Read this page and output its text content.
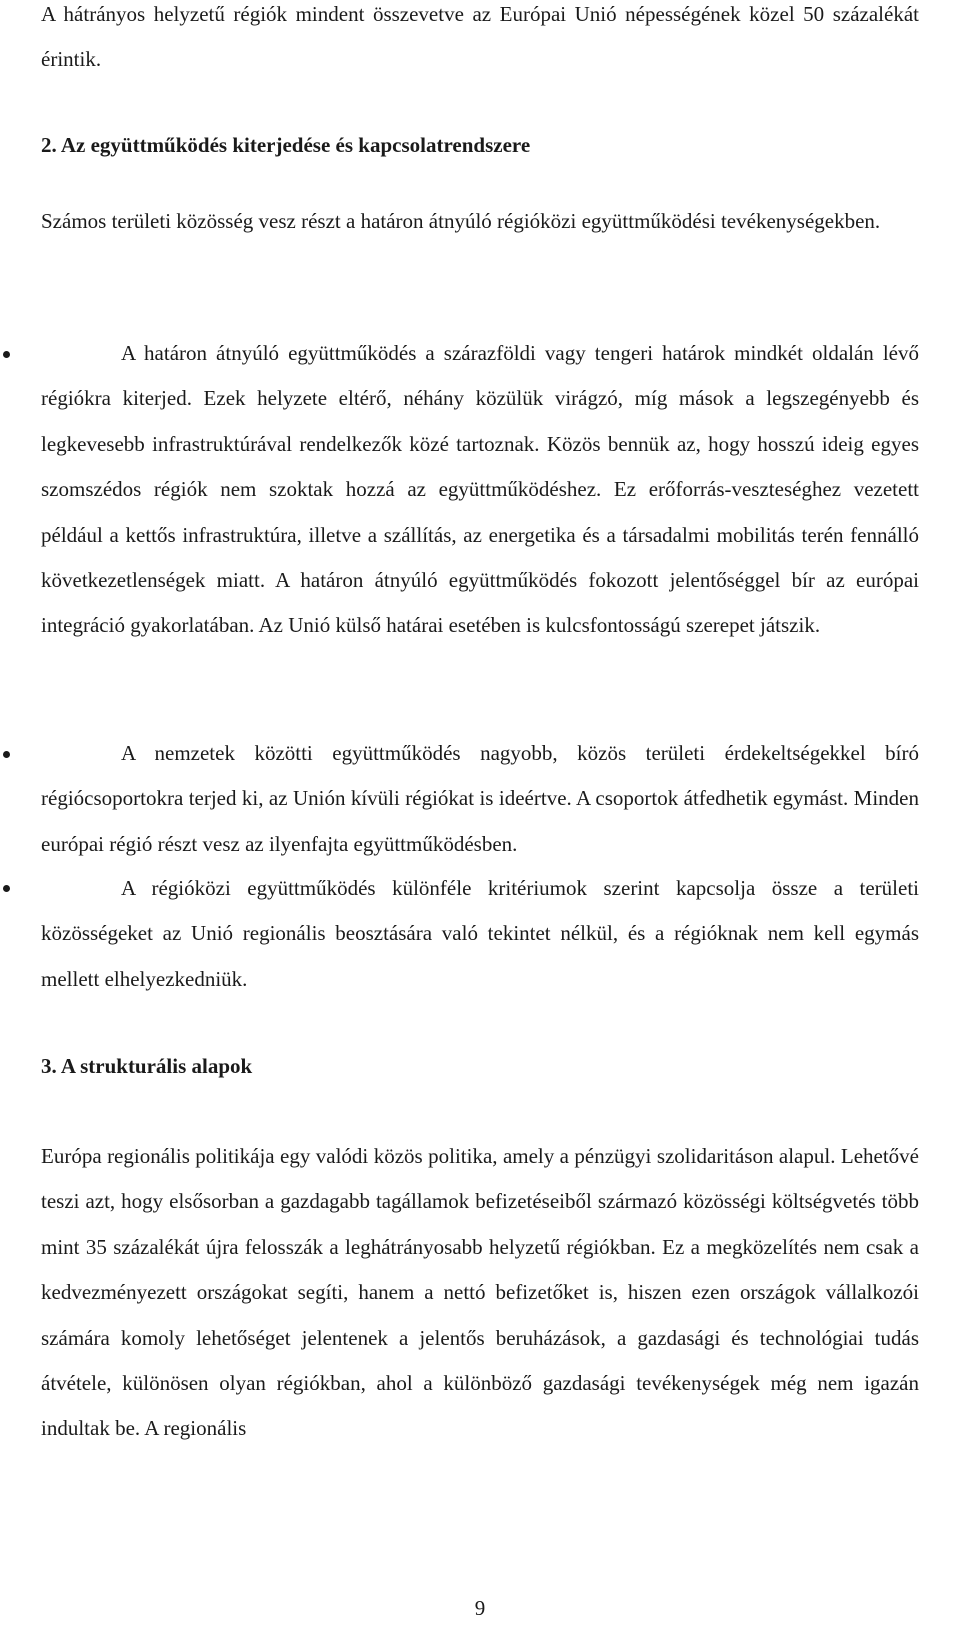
A hátrányos helyzetű régiók mindent összevetve az Európai Unió népességének közel 50 százalékát érintik.

2. Az együttműködés kiterjedése és kapcsolatrendszere

Számos területi közösség vesz részt a határon átnyúló régióközi együttműködési tevékenységekben.

A határon átnyúló együttműködés a szárazföldi vagy tengeri határok mindkét oldalán lévő régiókra kiterjed. Ezek helyzete eltérő, néhány közülük virágzó, míg mások a legszegényebb és legkevesebb infrastruktúrával rendelkezők közé tartoznak. Közös bennük az, hogy hosszú ideig egyes szomszédos régiók nem szoktak hozzá az együttműködéshez. Ez erőforrás-veszteséghez vezetett például a kettős infrastruktúra, illetve a szállítás, az energetika és a társadalmi mobilitás terén fennálló következetlenségek miatt. A határon átnyúló együttműködés fokozott jelentőséggel bír az európai integráció gyakorlatában. Az Unió külső határai esetében is kulcsfontosságú szerepet játszik.

A nemzetek közötti együttműködés nagyobb, közös területi érdekeltségekkel bíró régiócsoportokra terjed ki, az Unión kívüli régiókat is ideértve. A csoportok átfedhetik egymást. Minden európai régió részt vesz az ilyenfajta együttműködésben.

A régióközi együttműködés különféle kritériumok szerint kapcsolja össze a területi közösségeket az Unió regionális beosztására való tekintet nélkül, és a régióknak nem kell egymás mellett elhelyezkedniük.

3. A strukturális alapok

Európa regionális politikája egy valódi közös politika, amely a pénzügyi szolidaritáson alapul. Lehetővé teszi azt, hogy elsősorban a gazdagabb tagállamok befizetéseiből származó közösségi költségvetés több mint 35 százalékát újra felosszák a leghátrányosabb helyzetű régiókban. Ez a megközelítés nem csak a kedvezményezett országokat segíti, hanem a nettó befizetőket is, hiszen ezen országok vállalkozói számára komoly lehetőséget jelentenek a jelentős beruházások, a gazdasági és technológiai tudás átvétele, különösen olyan régiókban, ahol a különböző gazdasági tevékenységek még nem igazán indultak be. A regionális

9
